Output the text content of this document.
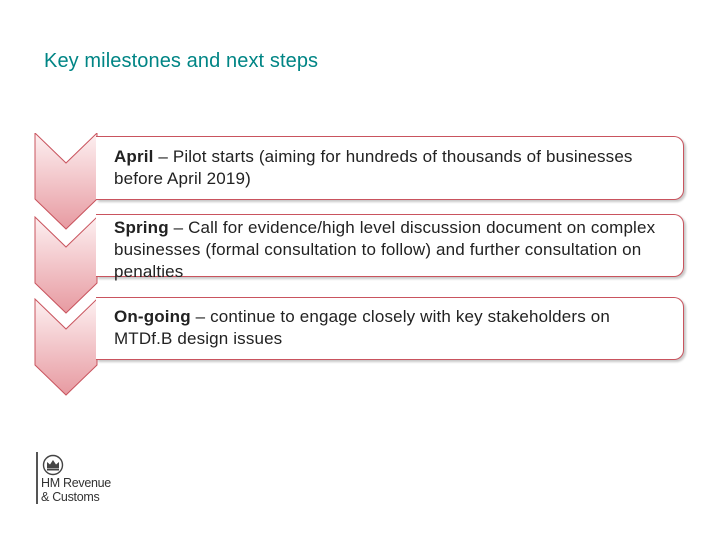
Key milestones and next steps
April – Pilot starts (aiming for hundreds of thousands of businesses before April 2019)
Spring – Call for evidence/high level discussion document on complex businesses (formal consultation to follow) and further consultation on penalties
On-going – continue to engage closely with key stakeholders on MTDf.B design issues
HM Revenue
& Customs
